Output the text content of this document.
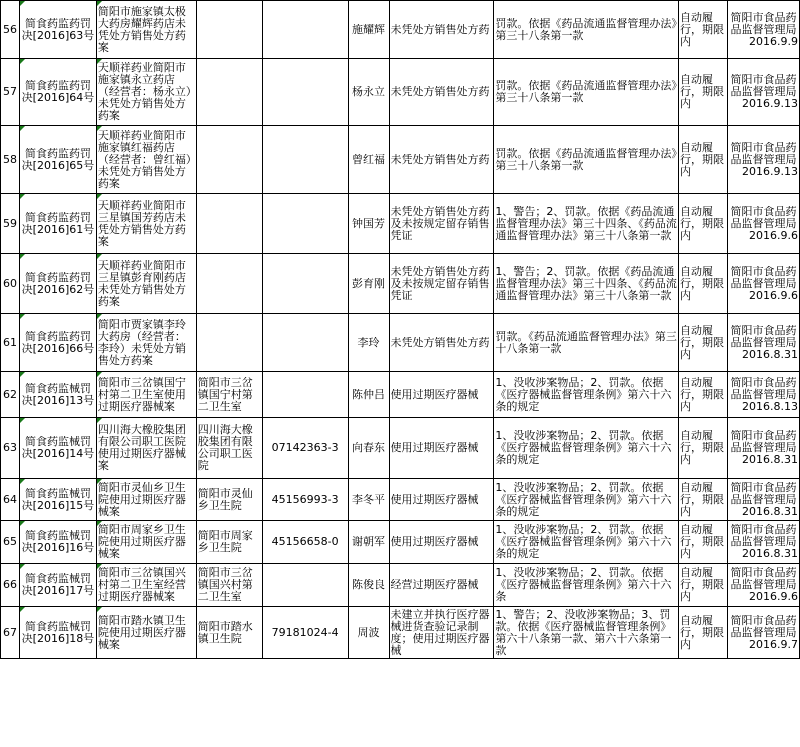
56	简食药监药罚决[2016]63号	简阳市施家镇太极大药房耀辉药店未凭处方销售处方药案			施耀辉	未凭处方销售处方药	罚款。依据《药品流通监督管理办法》第三十八条第一款	自动履行，期限内	简阳市食品药品监督管理局
2016.9.9

57	简食药监药罚决[2016]64号	天顺祥药业简阳市施家镇永立药店（经营者：杨永立）未凭处方销售处方药案			杨永立	未凭处方销售处方药	罚款。依据《药品流通监督管理办法》第三十八条第一款	自动履行，期限内	简阳市食品药品监督管理局
2016.9.13

58	简食药监药罚决[2016]65号	天顺祥药业简阳市施家镇红福药店（经营者：曾红福）未凭处方销售处方药案			曾红福	未凭处方销售处方药	罚款。依据《药品流通监督管理办法》第三十八条第一款	自动履行，期限内	简阳市食品药品监督管理局
2016.9.13

59	简食药监药罚决[2016]61号	天顺祥药业简阳市三星镇国芳药店未凭处方销售处方药案			钟国芳	未凭处方销售处方药及未按规定留存销售凭证	1、警告；2、罚款。依据《药品流通监督管理办法》第三十四条、《药品流通监督管理办法》第三十八条第一款	自动履行，期限内	简阳市食品药品监督管理局
2016.9.6

60	简食药监药罚决[2016]62号	天顺祥药业简阳市三星镇彭育刚药店未凭处方销售处方药案			彭育刚	未凭处方销售处方药及未按规定留存销售凭证	1、警告；2、罚款。依据《药品流通监督管理办法》第三十四条、《药品流通监督管理办法》第三十八条第一款	自动履行，期限内	简阳市食品药品监督管理局
2016.9.6

61	简食药监药罚决[2016]66号	简阳市贾家镇李玲大药房（经营者：李玲）未凭处方销售处方药案			李玲	未凭处方销售处方药	罚款。《药品流通监督管理办法》第三十八条第一款	自动履行，期限内	简阳市食品药品监督管理局
2016.8.31

62	简食药监械罚决[2016]13号	简阳市三岔镇国宁村第二卫生室使用过期医疗器械案	简阳市三岔镇国宁村第二卫生室		陈仲吕	使用过期医疗器械	1、没收涉案物品；2、罚款。依据《医疗器械监督管理条例》第六十六条的规定	自动履行，期限内	简阳市食品药品监督管理局
2016.8.13

63	简食药监械罚决[2016]14号	四川海大橡胶集团有限公司职工医院使用过期医疗器械案	四川海大橡胶集团有限公司职工医院	07142363-3	向春东	使用过期医疗器械	1、没收涉案物品；2、罚款。依据《医疗器械监督管理条例》第六十六条的规定	自动履行，期限内	简阳市食品药品监督管理局
2016.8.31

64	简食药监械罚决[2016]15号	简阳市灵仙乡卫生院使用过期医疗器械案	简阳市灵仙乡卫生院	45156993-3	李冬平	使用过期医疗器械	1、没收涉案物品；2、罚款。依据《医疗器械监督管理条例》第六十六条的规定	自动履行，期限内	简阳市食品药品监督管理局
2016.8.31

65	简食药监械罚决[2016]16号	简阳市周家乡卫生院使用过期医疗器械案	简阳市周家乡卫生院	45156658-0	谢朝军	使用过期医疗器械	1、没收涉案物品；2、罚款。依据《医疗器械监督管理条例》第六十六条的规定	自动履行，期限内	简阳市食品药品监督管理局
2016.8.31

66	简食药监械罚决[2016]17号	简阳市三岔镇国兴村第二卫生室经营过期医疗器械案	简阳市三岔镇国兴村第二卫生室		陈俊良	经营过期医疗器械	1、没收涉案物品；2、罚款。依据《医疗器械监督管理条例》第六十六条	自动履行，期限内	简阳市食品药品监督管理局
2016.9.6

67	简食药监械罚决[2016]18号	简阳市踏水镇卫生院使用过期医疗器械案	简阳市踏水镇卫生院	79181024-4	周波	未建立并执行医疗器械进货查验记录制度；使用过期医疗器械	1、警告；2、没收涉案物品；3、罚款。依据《医疗器械监督管理条例》第六十八条第一款、第六十六条第一款	自动履行，期限内	简阳市食品药品监督管理局
2016.9.7
